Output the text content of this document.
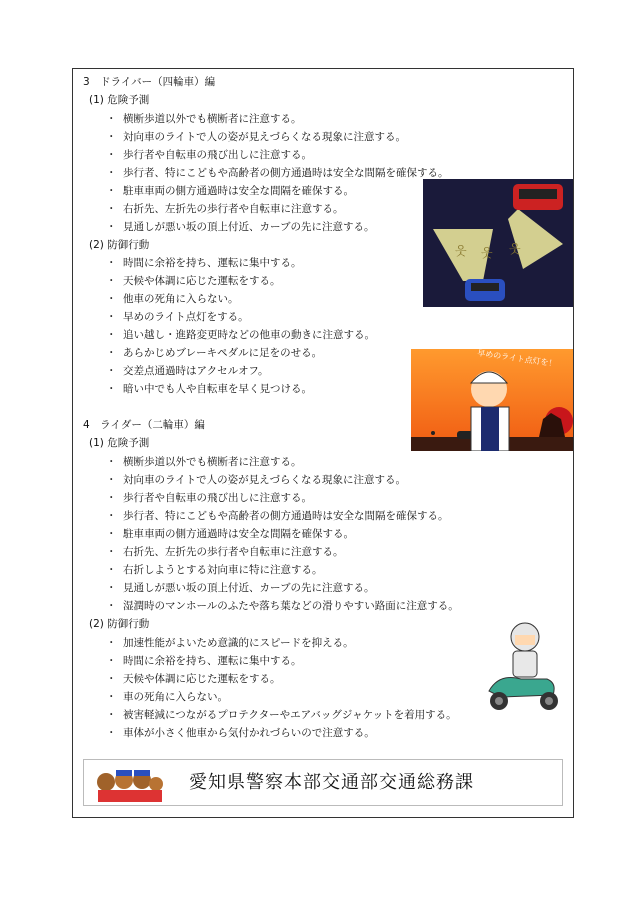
3　ドライバー（四輪車）編
(1) 危険予測
・ 横断歩道以外でも横断者に注意する。
・ 対向車のライトで人の姿が見えづらくなる現象に注意する。
・ 歩行者や自転車の飛び出しに注意する。
・ 歩行者、特にこどもや高齢者の側方通過時は安全な間隔を確保する。
・ 駐車車両の側方通過時は安全な間隔を確保する。
・ 右折先、左折先の歩行者や自転車に注意する。
・ 見通しが悪い坂の頂上付近、カーブの先に注意する。
(2) 防御行動
・ 時間に余裕を持ち、運転に集中する。
・ 天候や体調に応じた運転をする。
・ 他車の死角に入らない。
・ 早めのライト点灯をする。
・ 追い越し・進路変更時などの他車の動きに注意する。
・ あらかじめブレーキペダルに足をのせる。
・ 交差点通過時はアクセルオフ。
・ 暗い中でも人や自転車を早く見つける。
4　ライダー（二輪車）編
(1) 危険予測
・ 横断歩道以外でも横断者に注意する。
・ 対向車のライトで人の姿が見えづらくなる現象に注意する。
・ 歩行者や自転車の飛び出しに注意する。
・ 歩行者、特にこどもや高齢者の側方通過時は安全な間隔を確保する。
・ 駐車車両の側方通過時は安全な間隔を確保する。
・ 右折先、左折先の歩行者や自転車に注意する。
・ 右折しようとする対向車に特に注意する。
・ 見通しが悪い坂の頂上付近、カーブの先に注意する。
・ 湿潤時のマンホールのふたや落ち葉などの滑りやすい路面に注意する。
(2) 防御行動
・ 加速性能がよいため意識的にスピードを抑える。
・ 時間に余裕を持ち、運転に集中する。
・ 天候や体調に応じた運転をする。
・ 車の死角に入らない。
・ 被害軽減につながるプロテクターやエアバッグジャケットを着用する。
・ 車体が小さく他車から気付かれづらいので注意する。
웃 웃 웃
早めのライト点灯を！
愛知県警察本部交通部交通総務課
